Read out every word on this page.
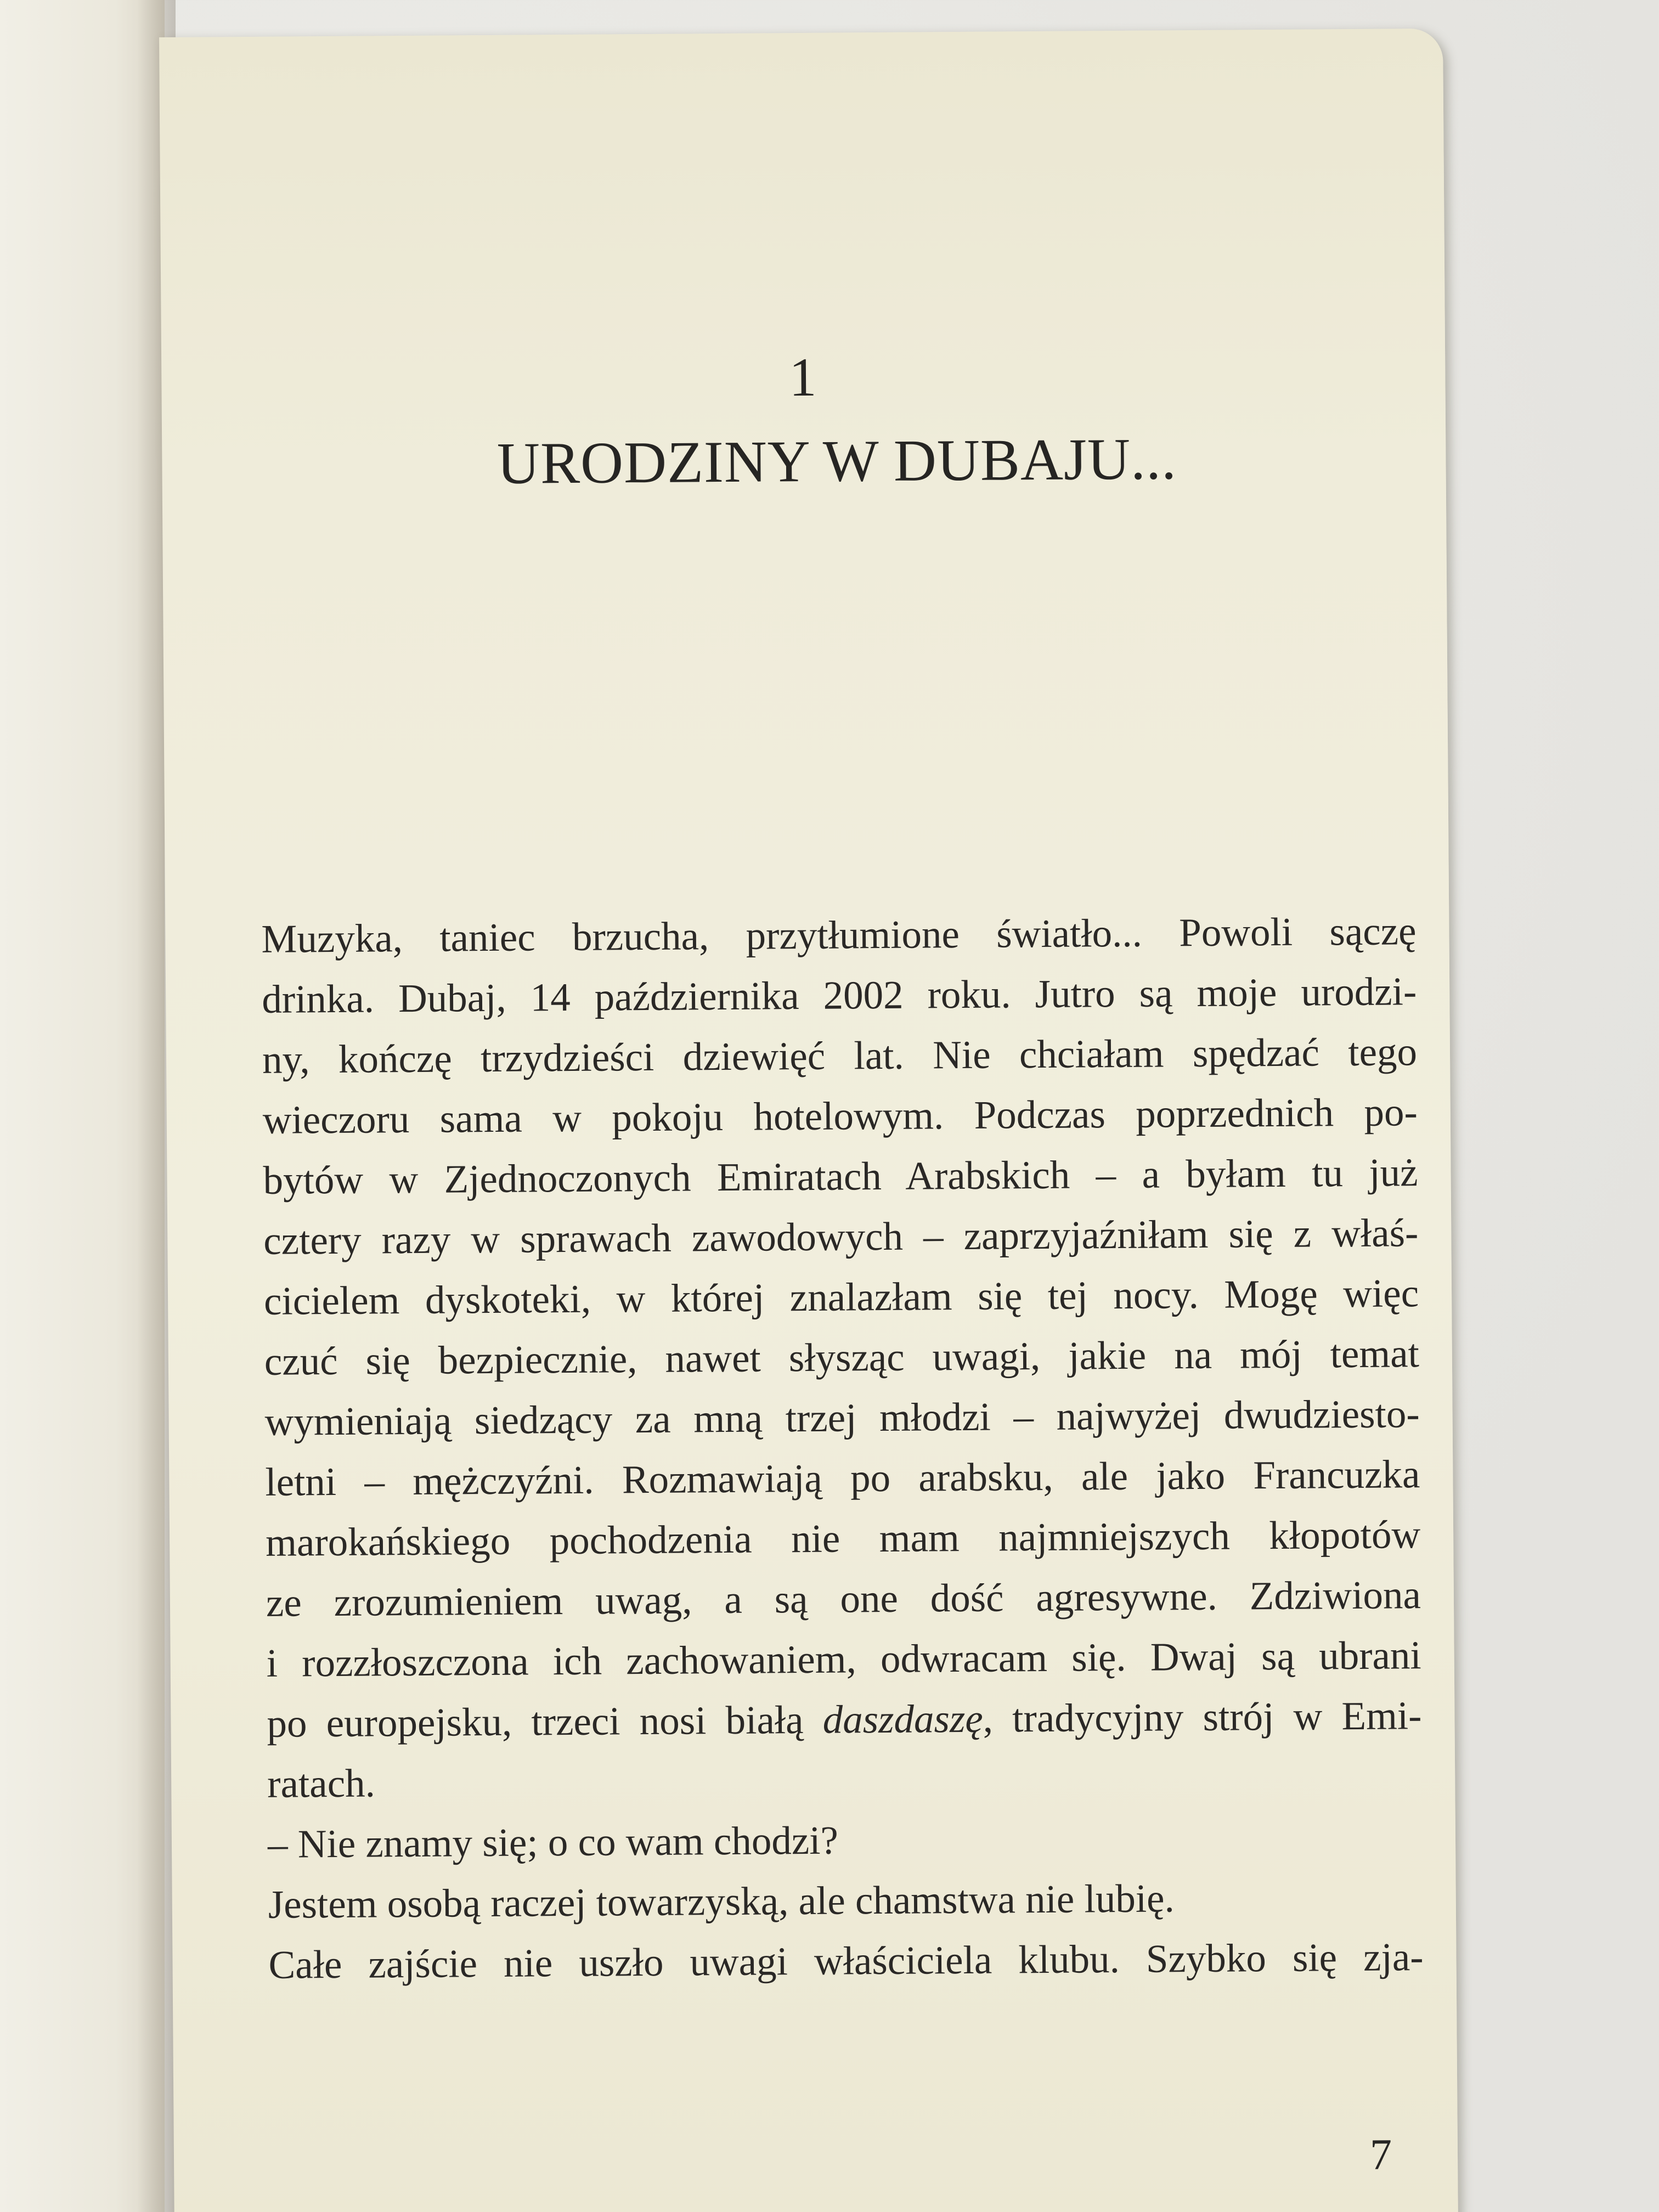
1
URODZINY W DUBAJU...
Muzyka, taniec brzucha, przytłumione światło... Powoli sączę
drinka. Dubaj, 14 października 2002 roku. Jutro są moje urodzi-
ny, kończę trzydzieści dziewięć lat. Nie chciałam spędzać tego
wieczoru sama w pokoju hotelowym. Podczas poprzednich po-
bytów w Zjednoczonych Emiratach Arabskich – a byłam tu już
cztery razy w sprawach zawodowych – zaprzyjaźniłam się z właś-
cicielem dyskoteki, w której znalazłam się tej nocy. Mogę więc
czuć się bezpiecznie, nawet słysząc uwagi, jakie na mój temat
wymieniają siedzący za mną trzej młodzi – najwyżej dwudziesto-
letni – mężczyźni. Rozmawiają po arabsku, ale jako Francuzka
marokańskiego pochodzenia nie mam najmniejszych kłopotów
ze zrozumieniem uwag, a są one dość agresywne. Zdziwiona
i rozzłoszczona ich zachowaniem, odwracam się. Dwaj są ubrani
po europejsku, trzeci nosi białą daszdaszę, tradycyjny strój w Emi-
ratach.
– Nie znamy się; o co wam chodzi?
Jestem osobą raczej towarzyską, ale chamstwa nie lubię.
Całe zajście nie uszło uwagi właściciela klubu. Szybko się zja-
7
